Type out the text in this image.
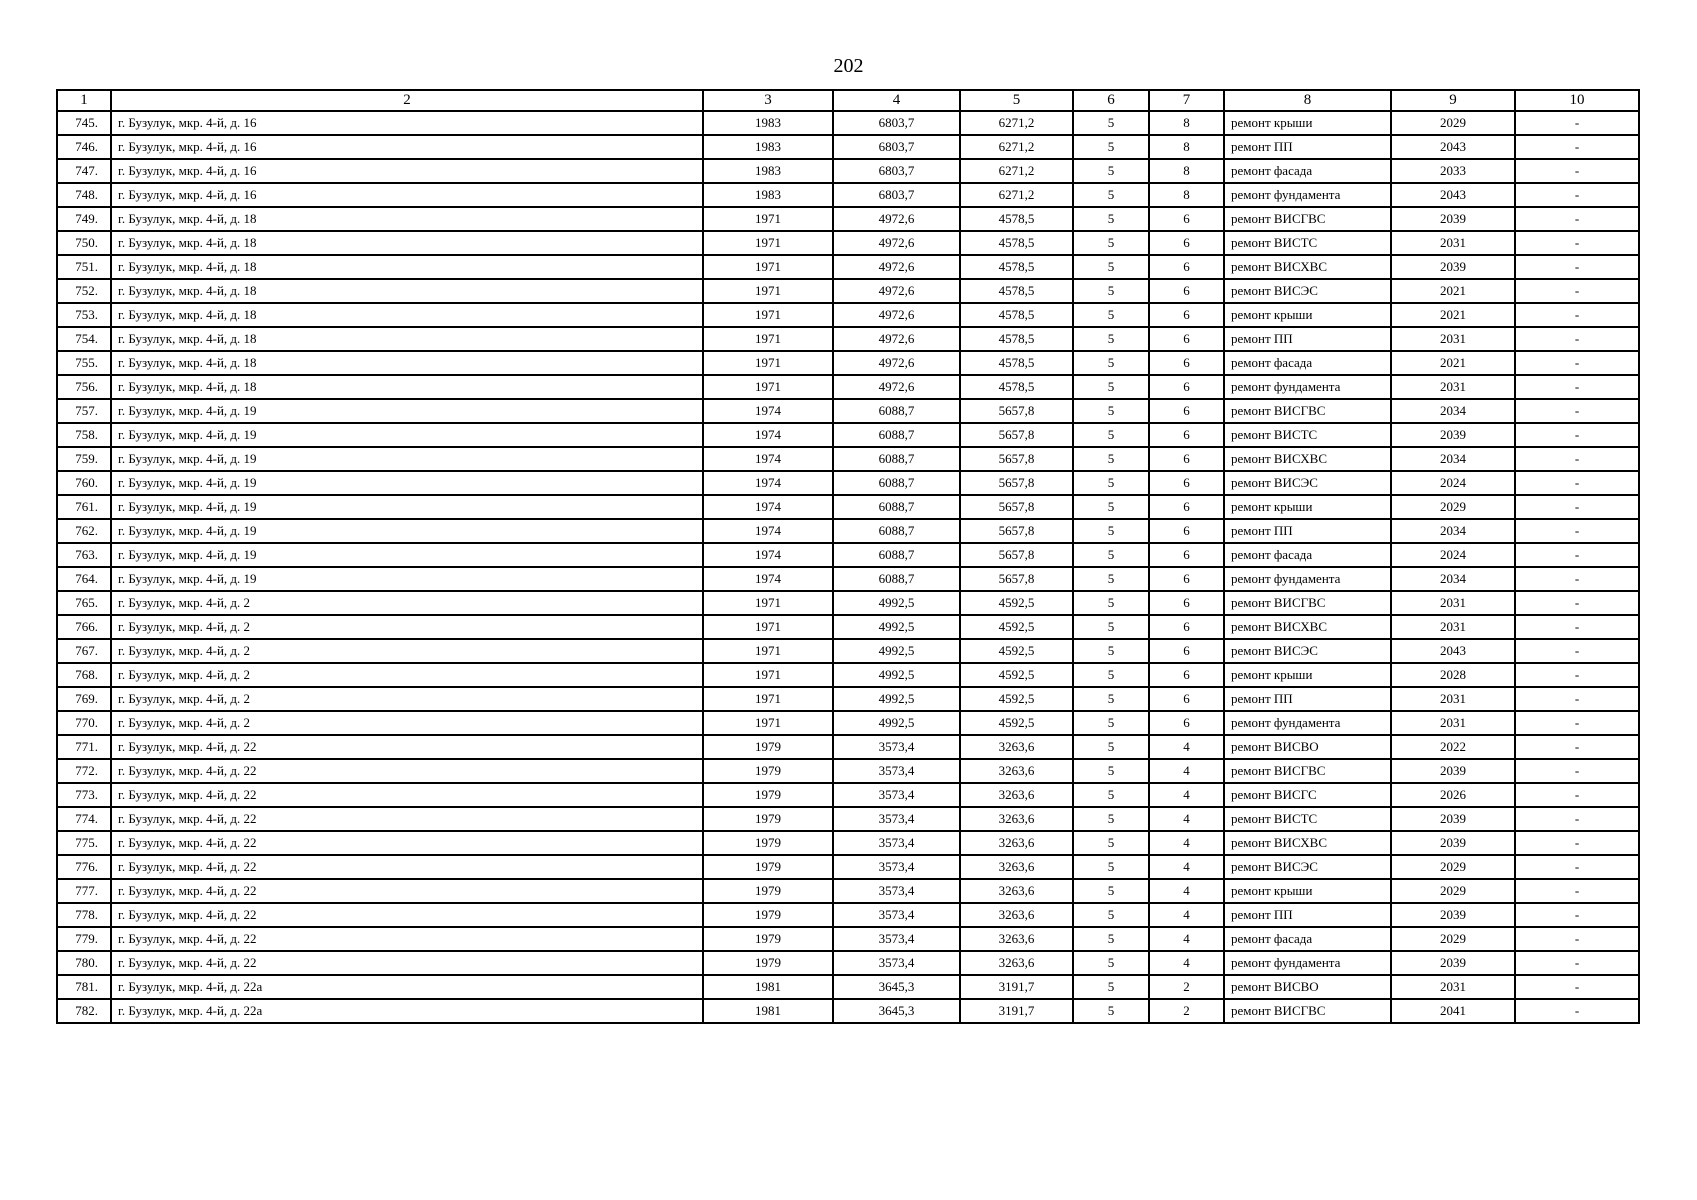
202
1	2	3	4	5	6	7	8	9	10
745.	г. Бузулук, мкр. 4-й, д. 16	1983	6803,7	6271,2	5	8	ремонт крыши	2029	-
746.	г. Бузулук, мкр. 4-й, д. 16	1983	6803,7	6271,2	5	8	ремонт ПП	2043	-
747.	г. Бузулук, мкр. 4-й, д. 16	1983	6803,7	6271,2	5	8	ремонт фасада	2033	-
748.	г. Бузулук, мкр. 4-й, д. 16	1983	6803,7	6271,2	5	8	ремонт фундамента	2043	-
749.	г. Бузулук, мкр. 4-й, д. 18	1971	4972,6	4578,5	5	6	ремонт ВИСГВС	2039	-
750.	г. Бузулук, мкр. 4-й, д. 18	1971	4972,6	4578,5	5	6	ремонт ВИСТС	2031	-
751.	г. Бузулук, мкр. 4-й, д. 18	1971	4972,6	4578,5	5	6	ремонт ВИСХВС	2039	-
752.	г. Бузулук, мкр. 4-й, д. 18	1971	4972,6	4578,5	5	6	ремонт ВИСЭС	2021	-
753.	г. Бузулук, мкр. 4-й, д. 18	1971	4972,6	4578,5	5	6	ремонт крыши	2021	-
754.	г. Бузулук, мкр. 4-й, д. 18	1971	4972,6	4578,5	5	6	ремонт ПП	2031	-
755.	г. Бузулук, мкр. 4-й, д. 18	1971	4972,6	4578,5	5	6	ремонт фасада	2021	-
756.	г. Бузулук, мкр. 4-й, д. 18	1971	4972,6	4578,5	5	6	ремонт фундамента	2031	-
757.	г. Бузулук, мкр. 4-й, д. 19	1974	6088,7	5657,8	5	6	ремонт ВИСГВС	2034	-
758.	г. Бузулук, мкр. 4-й, д. 19	1974	6088,7	5657,8	5	6	ремонт ВИСТС	2039	-
759.	г. Бузулук, мкр. 4-й, д. 19	1974	6088,7	5657,8	5	6	ремонт ВИСХВС	2034	-
760.	г. Бузулук, мкр. 4-й, д. 19	1974	6088,7	5657,8	5	6	ремонт ВИСЭС	2024	-
761.	г. Бузулук, мкр. 4-й, д. 19	1974	6088,7	5657,8	5	6	ремонт крыши	2029	-
762.	г. Бузулук, мкр. 4-й, д. 19	1974	6088,7	5657,8	5	6	ремонт ПП	2034	-
763.	г. Бузулук, мкр. 4-й, д. 19	1974	6088,7	5657,8	5	6	ремонт фасада	2024	-
764.	г. Бузулук, мкр. 4-й, д. 19	1974	6088,7	5657,8	5	6	ремонт фундамента	2034	-
765.	г. Бузулук, мкр. 4-й, д. 2	1971	4992,5	4592,5	5	6	ремонт ВИСГВС	2031	-
766.	г. Бузулук, мкр. 4-й, д. 2	1971	4992,5	4592,5	5	6	ремонт ВИСХВС	2031	-
767.	г. Бузулук, мкр. 4-й, д. 2	1971	4992,5	4592,5	5	6	ремонт ВИСЭС	2043	-
768.	г. Бузулук, мкр. 4-й, д. 2	1971	4992,5	4592,5	5	6	ремонт крыши	2028	-
769.	г. Бузулук, мкр. 4-й, д. 2	1971	4992,5	4592,5	5	6	ремонт ПП	2031	-
770.	г. Бузулук, мкр. 4-й, д. 2	1971	4992,5	4592,5	5	6	ремонт фундамента	2031	-
771.	г. Бузулук, мкр. 4-й, д. 22	1979	3573,4	3263,6	5	4	ремонт ВИСВО	2022	-
772.	г. Бузулук, мкр. 4-й, д. 22	1979	3573,4	3263,6	5	4	ремонт ВИСГВС	2039	-
773.	г. Бузулук, мкр. 4-й, д. 22	1979	3573,4	3263,6	5	4	ремонт ВИСГС	2026	-
774.	г. Бузулук, мкр. 4-й, д. 22	1979	3573,4	3263,6	5	4	ремонт ВИСТС	2039	-
775.	г. Бузулук, мкр. 4-й, д. 22	1979	3573,4	3263,6	5	4	ремонт ВИСХВС	2039	-
776.	г. Бузулук, мкр. 4-й, д. 22	1979	3573,4	3263,6	5	4	ремонт ВИСЭС	2029	-
777.	г. Бузулук, мкр. 4-й, д. 22	1979	3573,4	3263,6	5	4	ремонт крыши	2029	-
778.	г. Бузулук, мкр. 4-й, д. 22	1979	3573,4	3263,6	5	4	ремонт ПП	2039	-
779.	г. Бузулук, мкр. 4-й, д. 22	1979	3573,4	3263,6	5	4	ремонт фасада	2029	-
780.	г. Бузулук, мкр. 4-й, д. 22	1979	3573,4	3263,6	5	4	ремонт фундамента	2039	-
781.	г. Бузулук, мкр. 4-й, д. 22а	1981	3645,3	3191,7	5	2	ремонт ВИСВО	2031	-
782.	г. Бузулук, мкр. 4-й, д. 22а	1981	3645,3	3191,7	5	2	ремонт ВИСГВС	2041	-
